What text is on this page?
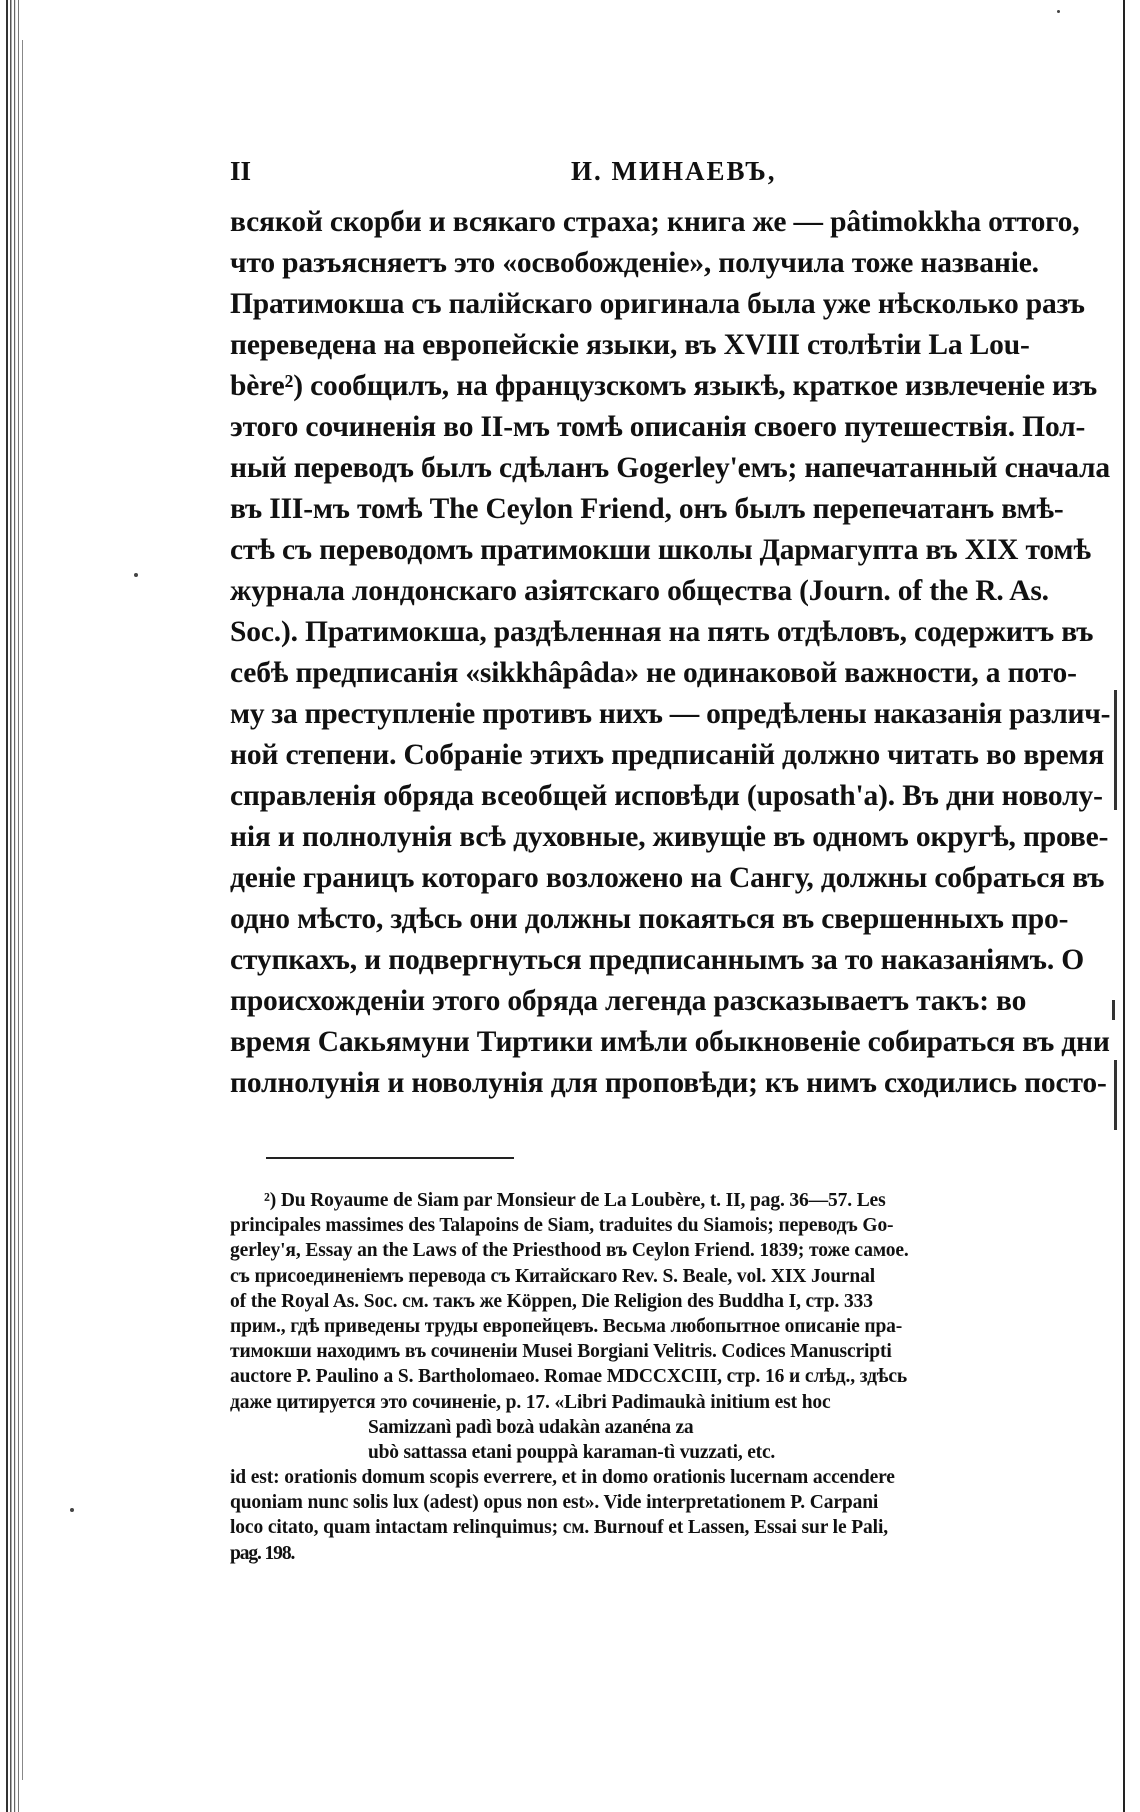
II	И. МИНАЕВЪ,
всякой скорби и всякаго страха; книга же — pâtimokkha оттого,
что разъясняетъ это «освобожденіе», получила тоже названіе.
Пратимокша съ палійскаго оригинала была уже нѣсколько разъ
переведена на европейскіе языки, въ XVIII столѣтіи La Lou-
bère²) сообщилъ, на французскомъ языкѣ, краткое извлеченіе изъ
этого сочиненія во II-мъ томѣ описанія своего путешествія. Пол-
ный переводъ былъ сдѣланъ Gogerley'емъ; напечатанный сначала
въ III-мъ томѣ The Ceylon Friend, онъ былъ перепечатанъ вмѣ-
стѣ съ переводомъ пратимокши школы Дармагупта въ XIX томѣ
журнала лондонскаго азіятскаго общества (Journ. of the R. As.
Soc.). Пратимокша, раздѣленная на пять отдѣловъ, содержитъ въ
себѣ предписанія «sikkhâpâda» не одинаковой важности, а пото-
му за преступленіе противъ нихъ — опредѣлены наказанія различ-
ной степени. Собраніе этихъ предписаній должно читать во время
справленія обряда всеобщей исповѣди (uposath'a). Въ дни новолу-
нія и полнолунія всѣ духовные, живущіе въ одномъ округѣ, прове-
деніе границъ котораго возложено на Сангу, должны собраться въ
одно мѣсто, здѣсь они должны покаяться въ свершенныхъ про-
ступкахъ, и подвергнуться предписаннымъ за то наказаніямъ. О
происхожденіи этого обряда легенда разсказываетъ такъ: во
время Сакьямуни Тиртики имѣли обыкновеніе собираться въ дни
полнолунія и новолунія для проповѣди; къ нимъ сходились посто-
²) Du Royaume de Siam par Monsieur de La Loubère, t. II, pag. 36—57. Les
principales massimes des Talapoins de Siam, traduites du Siamois; переводъ Go-
gerley'я, Essay an the Laws of the Priesthood въ Ceylon Friend. 1839; тоже самое.
съ присоединеніемъ перевода съ Китайскаго Rev. S. Beale, vol. XIX Journal
of the Royal As. Soc. см. такъ же Köppen, Die Religion des Buddha I, стр. 333
прим., гдѣ приведены труды европейцевъ. Весьма любопытное описаніе пра-
тимокши находимъ въ сочиненіи Musei Borgiani Velitris. Codices Manuscripti
auctore P. Paulino a S. Bartholomaeo. Romae MDCCXCIII, стр. 16 и слѣд., здѣсь
даже цитируется это сочиненіе, p. 17. «Libri Padimaukà initium est hoc
Samizzanì padì bozà udakàn azanéna za
ubò sattassa etani pouppà karaman-tì vuzzati, etc.
id est: orationis domum scopis everrere, et in domo orationis lucernam accendere
quoniam nunc solis lux (adest) opus non est». Vide interpretationem P. Carpani
loco citato, quam intactam relinquimus; см. Burnouf et Lassen, Essai sur le Pali,
pag. 198.
